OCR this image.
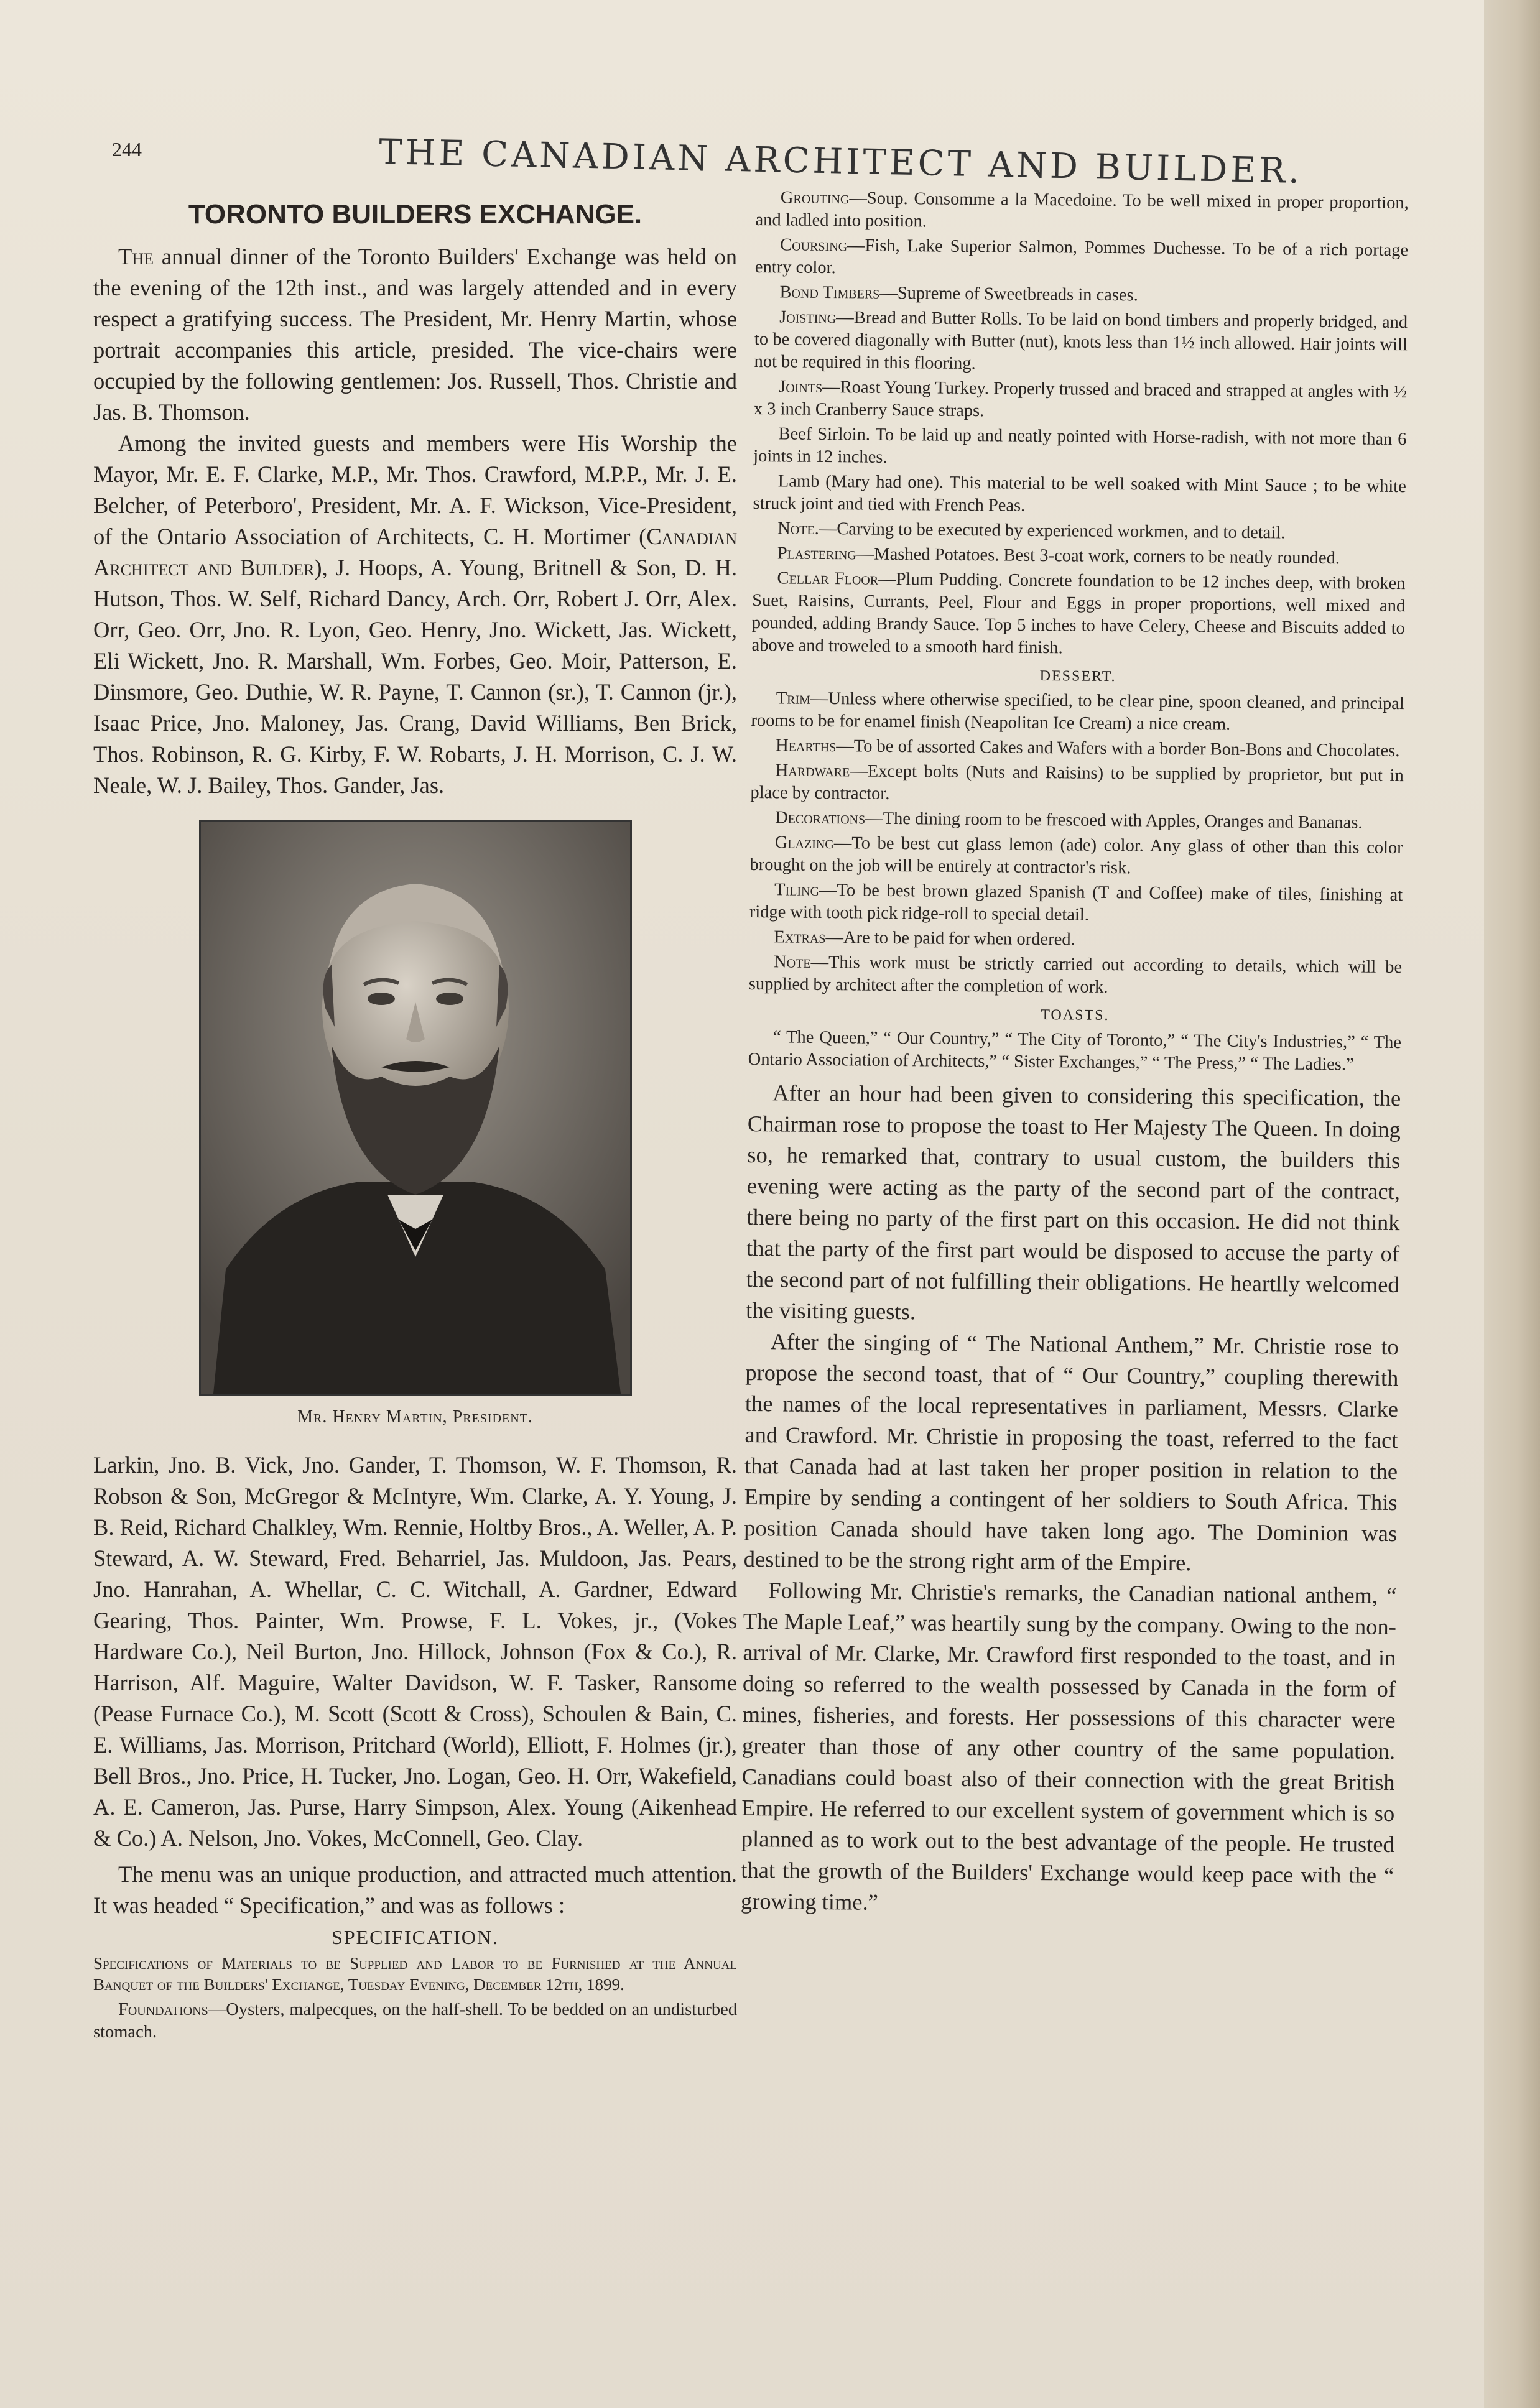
244	THE CANADIAN ARCHITECT AND BUILDER.
TORONTO BUILDERS EXCHANGE.

The annual dinner of the Toronto Builders' Exchange was held on the evening of the 12th inst., and was largely attended and in every respect a gratifying success. The President, Mr. Henry Martin, whose portrait accompanies this article, presided. The vice-chairs were occupied by the following gentlemen: Jos. Russell, Thos. Christie and Jas. B. Thomson.

Among the invited guests and members were His Worship the Mayor, Mr. E. F. Clarke, M.P., Mr. Thos. Crawford, M.P.P., Mr. J. E. Belcher, of Peterboro', President, Mr. A. F. Wickson, Vice-President, of the Ontario Association of Architects, C. H. Mortimer (Canadian Architect and Builder), J. Hoops, A. Young, Britnell & Son, D. H. Hutson, Thos. W. Self, Richard Dancy, Arch. Orr, Robert J. Orr, Alex. Orr, Geo. Orr, Jno. R. Lyon, Geo. Henry, Jno. Wickett, Jas. Wickett, Eli Wickett, Jno. R. Marshall, Wm. Forbes, Geo. Moir, Patterson, E. Dinsmore, Geo. Duthie, W. R. Payne, T. Cannon (sr.), T. Cannon (jr.), Isaac Price, Jno. Maloney, Jas. Crang, David Williams, Ben Brick, Thos. Robinson, R. G. Kirby, F. W. Robarts, J. H. Morrison, C. J. W. Neale, W. J. Bailey, Thos. Gander, Jas.

Mr. Henry Martin, President.

Larkin, Jno. B. Vick, Jno. Gander, T. Thomson, W. F. Thomson, R. Robson & Son, McGregor & McIntyre, Wm. Clarke, A. Y. Young, J. B. Reid, Richard Chalkley, Wm. Rennie, Holtby Bros., A. Weller, A. P. Steward, A. W. Steward, Fred. Beharriel, Jas. Muldoon, Jas. Pears, Jno. Hanrahan, A. Whellar, C. C. Witchall, A. Gardner, Edward Gearing, Thos. Painter, Wm. Prowse, F. L. Vokes, jr., (Vokes Hardware Co.), Neil Burton, Jno. Hillock, Johnson (Fox & Co.), R. Harrison, Alf. Maguire, Walter Davidson, W. F. Tasker, Ransome (Pease Furnace Co.), M. Scott (Scott & Cross), Schoulen & Bain, C. E. Williams, Jas. Morrison, Pritchard (World), Elliott, F. Holmes (jr.), Bell Bros., Jno. Price, H. Tucker, Jno. Logan, Geo. H. Orr, Wakefield, A. E. Cameron, Jas. Purse, Harry Simpson, Alex. Young (Aikenhead & Co.) A. Nelson, Jno. Vokes, McConnell, Geo. Clay.

The menu was an unique production, and attracted much attention. It was headed “ Specification,” and was as follows :

SPECIFICATION.

Specifications of Materials to be Supplied and Labor to be Furnished at the Annual Banquet of the Builders' Exchange, Tuesday Evening, December 12th, 1899.

Foundations—Oysters, malpecques, on the half-shell. To be bedded on an undisturbed stomach.

Grouting—Soup. Consomme a la Macedoine. To be well mixed in proper proportion, and ladled into position.

Coursing—Fish, Lake Superior Salmon, Pommes Duchesse. To be of a rich portage entry color.

Bond Timbers—Supreme of Sweetbreads in cases.

Joisting—Bread and Butter Rolls. To be laid on bond timbers and properly bridged, and to be covered diagonally with Butter (nut), knots less than 1½ inch allowed. Hair joints will not be required in this flooring.

Joints—Roast Young Turkey. Properly trussed and braced and strapped at angles with ½ x 3 inch Cranberry Sauce straps.

Beef Sirloin. To be laid up and neatly pointed with Horse-radish, with not more than 6 joints in 12 inches.

Lamb (Mary had one). This material to be well soaked with Mint Sauce ; to be white struck joint and tied with French Peas.

Note.—Carving to be executed by experienced workmen, and to detail.

Plastering—Mashed Potatoes. Best 3-coat work, corners to be neatly rounded.

Cellar Floor—Plum Pudding. Concrete foundation to be 12 inches deep, with broken Suet, Raisins, Currants, Peel, Flour and Eggs in proper proportions, well mixed and pounded, adding Brandy Sauce. Top 5 inches to have Celery, Cheese and Biscuits added to above and troweled to a smooth hard finish.

DESSERT.

Trim—Unless where otherwise specified, to be clear pine, spoon cleaned, and principal rooms to be for enamel finish (Neapolitan Ice Cream) a nice cream.

Hearths—To be of assorted Cakes and Wafers with a border Bon-Bons and Chocolates.

Hardware—Except bolts (Nuts and Raisins) to be supplied by proprietor, but put in place by contractor.

Decorations—The dining room to be frescoed with Apples, Oranges and Bananas.

Glazing—To be best cut glass lemon (ade) color. Any glass of other than this color brought on the job will be entirely at contractor's risk.

Tiling—To be best brown glazed Spanish (T and Coffee) make of tiles, finishing at ridge with tooth pick ridge-roll to special detail.

Extras—Are to be paid for when ordered.

Note—This work must be strictly carried out according to details, which will be supplied by architect after the completion of work.

TOASTS.

“ The Queen,” “ Our Country,” “ The City of Toronto,” “ The City's Industries,” “ The Ontario Association of Architects,” “ Sister Exchanges,” “ The Press,” “ The Ladies.”

After an hour had been given to considering this specification, the Chairman rose to propose the toast to Her Majesty The Queen. In doing so, he remarked that, contrary to usual custom, the builders this evening were acting as the party of the second part of the contract, there being no party of the first part on this occasion. He did not think that the party of the first part would be disposed to accuse the party of the second part of not fulfilling their obligations. He heartlly welcomed the visiting guests.

After the singing of “ The National Anthem,” Mr. Christie rose to propose the second toast, that of “ Our Country,” coupling therewith the names of the local representatives in parliament, Messrs. Clarke and Crawford. Mr. Christie in proposing the toast, referred to the fact that Canada had at last taken her proper position in relation to the Empire by sending a contingent of her soldiers to South Africa. This position Canada should have taken long ago. The Dominion was destined to be the strong right arm of the Empire.

Following Mr. Christie's remarks, the Canadian national anthem, “ The Maple Leaf,” was heartily sung by the company. Owing to the non-arrival of Mr. Clarke, Mr. Crawford first responded to the toast, and in doing so referred to the wealth possessed by Canada in the form of mines, fisheries, and forests. Her possessions of this character were greater than those of any other country of the same population. Canadians could boast also of their connection with the great British Empire. He referred to our excellent system of government which is so planned as to work out to the best advantage of the people. He trusted that the growth of the Builders' Exchange would keep pace with the “ growing time.”
